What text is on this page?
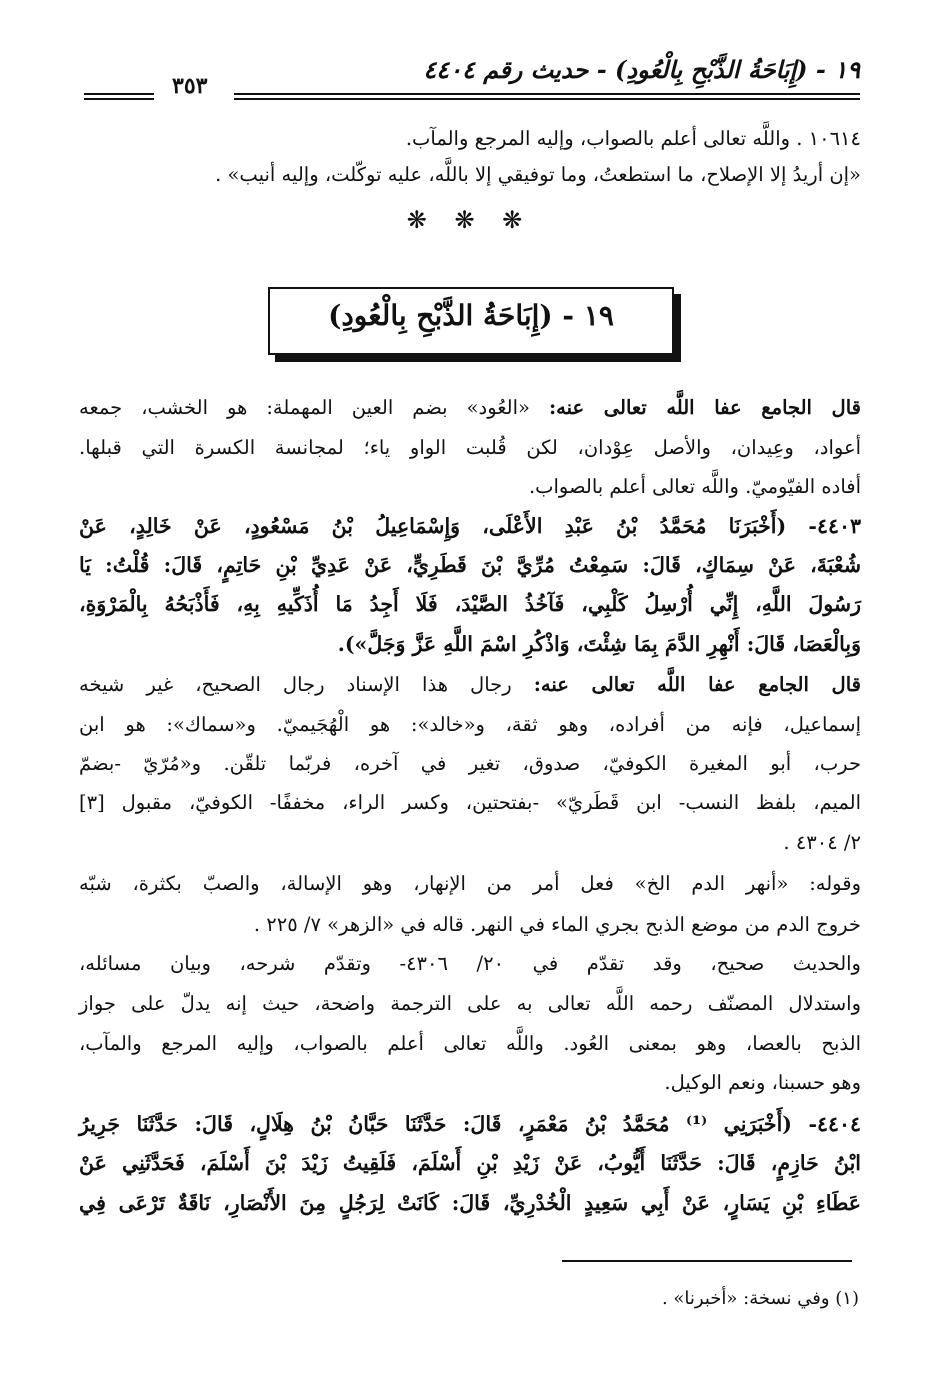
١٩ - (إِبَاحَةُ الذَّبْحِ بِالْعُودِ) - حديث رقم ٤٤٠٤
٣٥٣
١٠٦١٤ . واللَّه تعالى أعلم بالصواب، وإليه المرجع والمآب.
«إن أريدُ إلا الإصلاح، ما استطعتُ، وما توفيقي إلا باللَّه، عليه توكّلت، وإليه أنيب» .
❋ ❋ ❋
١٩ - (إِبَاحَةُ الذَّبْحِ بِالْعُودِ)
قال الجامع عفا اللَّه تعالى عنه: «العُود» بضم العين المهملة: هو الخشب، جمعه
أعواد، وعِيدان، والأصل عِوْدان، لكن قُلبت الواو ياء؛ لمجانسة الكسرة التي قبلها.
أفاده الفيّوميّ. واللَّه تعالى أعلم بالصواب.
٤٤٠٣- (أَخْبَرَنَا مُحَمَّدُ بْنُ عَبْدِ الأَعْلَى، وَإِسْمَاعِيلُ بْنُ مَسْعُودٍ، عَنْ خَالِدٍ، عَنْ
شُعْبَةَ، عَنْ سِمَاكٍ، قَالَ: سَمِعْتُ مُرِّيَّ بْنَ قَطَرِيٍّ، عَنْ عَدِيِّ بْنِ حَاتِمٍ، قَالَ: قُلْتُ: يَا
رَسُولَ اللَّهِ، إِنِّي أُرْسِلُ كَلْبِي، فَآخُذُ الصَّيْدَ، فَلَا أَجِدُ مَا أُذَكِّيهِ بِهِ، فَأَذْبَحُهُ بِالْمَرْوَةِ،
وَبِالْعَصَا، قَالَ: أَنْهِرِ الدَّمَ بِمَا شِئْتَ، وَاذْكُرِ اسْمَ اللَّهِ عَزَّ وَجَلَّ»).
قال الجامع عفا اللَّه تعالى عنه: رجال هذا الإسناد رجال الصحيح، غير شيخه
إسماعيل، فإنه من أفراده، وهو ثقة، و«خالد»: هو الْهُجَيميّ. و«سماك»: هو ابن
حرب، أبو المغيرة الكوفيّ، صدوق، تغير في آخره، فربّما تلقّن. و«مُرّيّ -بضمّ
الميم، بلفظ النسب- ابن قَطَريّ» -بفتحتين، وكسر الراء، مخففًا- الكوفيّ، مقبول [٣]
٢/ ٤٣٠٤ .
وقوله: «أنهر الدم الخ» فعل أمر من الإنهار، وهو الإسالة، والصبّ بكثرة، شبّه
خروج الدم من موضع الذبح بجري الماء في النهر. قاله في «الزهر» ٧/ ٢٢٥ .
والحديث صحيح، وقد تقدّم في ٢٠/ ٤٣٠٦- وتقدّم شرحه، وبيان مسائله،
واستدلال المصنّف رحمه اللَّه تعالى به على الترجمة واضحة، حيث إنه يدلّ على جواز
الذبح بالعصا، وهو بمعنى العُود. واللَّه تعالى أعلم بالصواب، وإليه المرجع والمآب،
وهو حسبنا، ونعم الوكيل.
٤٤٠٤- (أَخْبَرَنِي ⁽¹⁾ مُحَمَّدُ بْنُ مَعْمَرٍ، قَالَ: حَدَّثَنَا حَبَّانُ بْنُ هِلَالٍ، قَالَ: حَدَّثَنَا جَرِيرُ
ابْنُ حَازِمٍ، قَالَ: حَدَّثَنَا أَيُّوبُ، عَنْ زَيْدِ بْنِ أَسْلَمَ، فَلَقِيتُ زَيْدَ بْنَ أَسْلَمَ، فَحَدَّثَنِي عَنْ
عَطَاءِ بْنِ يَسَارٍ، عَنْ أَبِي سَعِيدٍ الْخُدْرِيِّ، قَالَ: كَانَتْ لِرَجُلٍ مِنَ الأَنْصَارِ، نَاقَةٌ تَرْعَى فِي
(١) وفي نسخة: «أخبرنا» .
